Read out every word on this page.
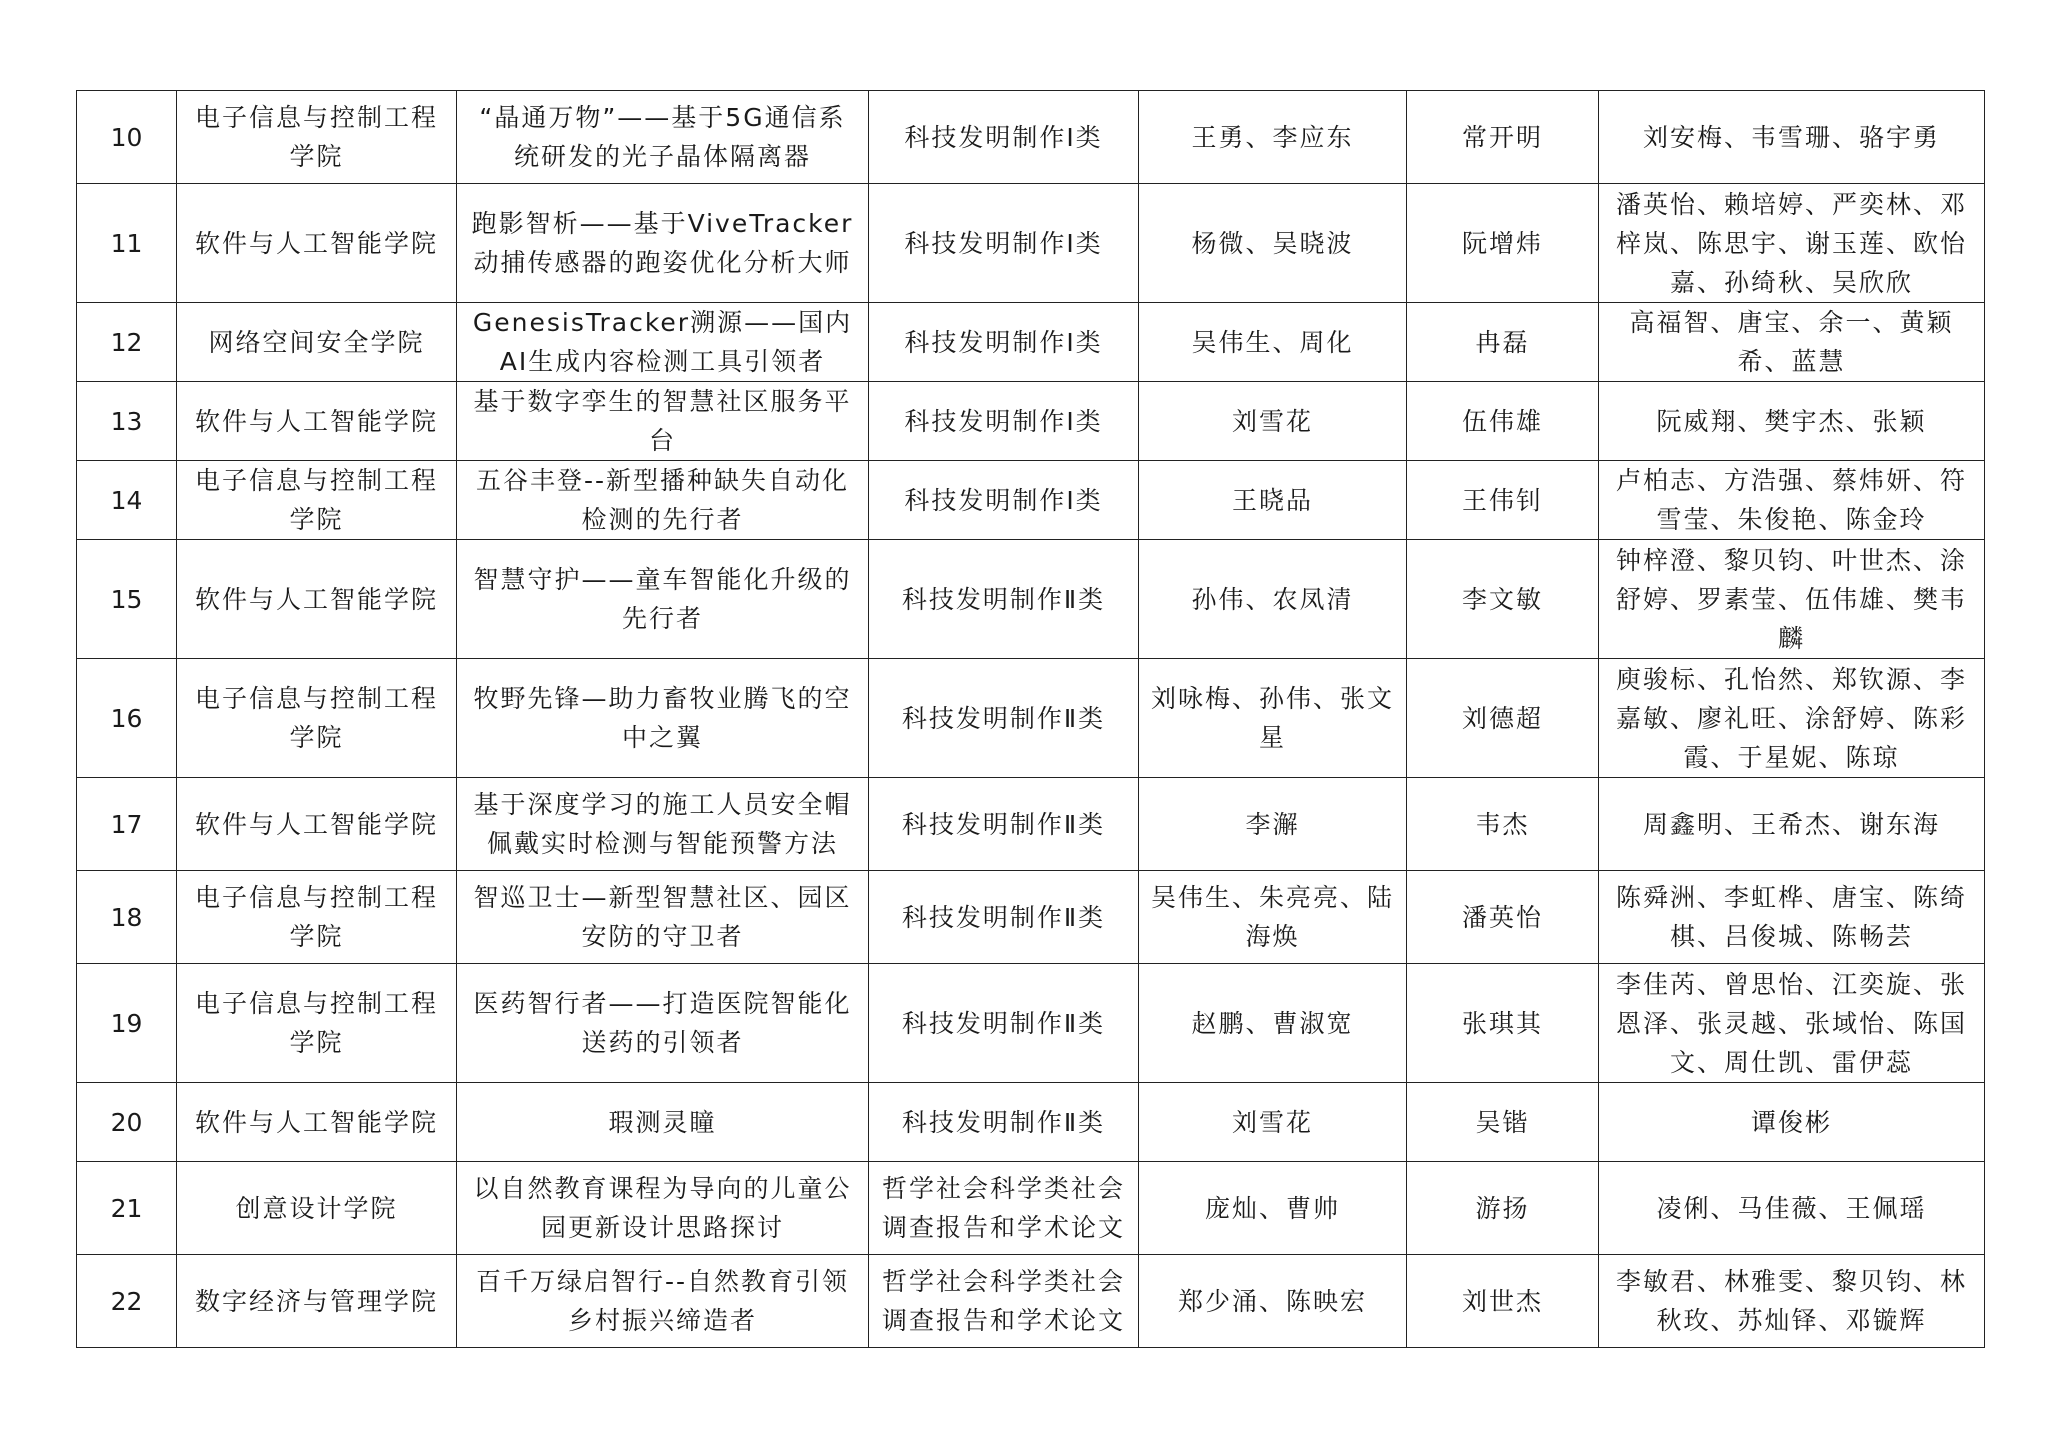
10	电子信息与控制工程学院	“晶通万物”——基于5G通信系统研发的光子晶体隔离器	科技发明制作Ⅰ类	王勇、李应东	常开明	刘安梅、韦雪珊、骆宇勇
11	软件与人工智能学院	跑影智析——基于ViveTracker动捕传感器的跑姿优化分析大师	科技发明制作Ⅰ类	杨微、吴晓波	阮增炜	潘英怡、赖培婷、严奕林、邓梓岚、陈思宇、谢玉莲、欧怡嘉、孙绮秋、吴欣欣
12	网络空间安全学院	GenesisTracker溯源——国内AI生成内容检测工具引领者	科技发明制作Ⅰ类	吴伟生、周化	冉磊	高福智、唐宝、余一、黄颖希、蓝慧
13	软件与人工智能学院	基于数字孪生的智慧社区服务平台	科技发明制作Ⅰ类	刘雪花	伍伟雄	阮威翔、樊宇杰、张颖
14	电子信息与控制工程学院	五谷丰登--新型播种缺失自动化检测的先行者	科技发明制作Ⅰ类	王晓品	王伟钊	卢柏志、方浩强、蔡炜妍、符雪莹、朱俊艳、陈金玲
15	软件与人工智能学院	智慧守护——童车智能化升级的先行者	科技发明制作Ⅱ类	孙伟、农凤清	李文敏	钟梓澄、黎贝钧、叶世杰、涂舒婷、罗素莹、伍伟雄、樊韦麟
16	电子信息与控制工程学院	牧野先锋—助力畜牧业腾飞的空中之翼	科技发明制作Ⅱ类	刘咏梅、孙伟、张文星	刘德超	庾骏标、孔怡然、郑钦源、李嘉敏、廖礼旺、涂舒婷、陈彩霞、于星妮、陈琼
17	软件与人工智能学院	基于深度学习的施工人员安全帽佩戴实时检测与智能预警方法	科技发明制作Ⅱ类	李澥	韦杰	周鑫明、王希杰、谢东海
18	电子信息与控制工程学院	智巡卫士—新型智慧社区、园区安防的守卫者	科技发明制作Ⅱ类	吴伟生、朱亮亮、陆海焕	潘英怡	陈舜洲、李虹桦、唐宝、陈绮棋、吕俊城、陈畅芸
19	电子信息与控制工程学院	医药智行者——打造医院智能化送药的引领者	科技发明制作Ⅱ类	赵鹏、曹淑宽	张琪其	李佳芮、曾思怡、江奕旋、张恩泽、张灵越、张域怡、陈国文、周仕凯、雷伊蕊
20	软件与人工智能学院	瑕测灵瞳	科技发明制作Ⅱ类	刘雪花	吴锴	谭俊彬
21	创意设计学院	以自然教育课程为导向的儿童公园更新设计思路探讨	哲学社会科学类社会调查报告和学术论文	庞灿、曹帅	游扬	凌俐、马佳薇、王佩瑶
22	数字经济与管理学院	百千万绿启智行--自然教育引领乡村振兴缔造者	哲学社会科学类社会调查报告和学术论文	郑少涌、陈映宏	刘世杰	李敏君、林雅雯、黎贝钧、林秋玫、苏灿铎、邓镟辉
